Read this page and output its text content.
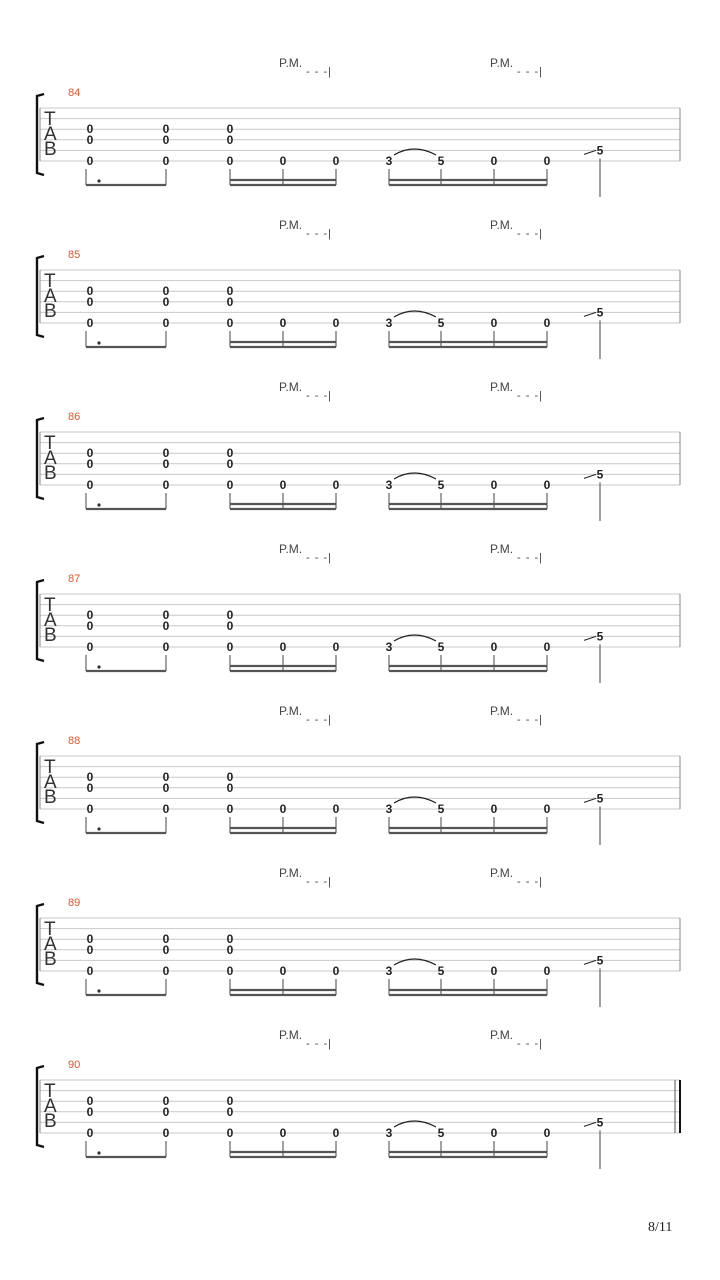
P.M.
- - -|
P.M.
- - -|
84
T
A
B
0
0
0
0
0
0
0	0	0	0	0	3	5	0	0
5
P.M.
- - -|
P.M.
- - -|
85
T
A
B
0
0
0
0
0
0
0	0	0	0	0	3	5	0	0
5
P.M.
- - -|
P.M.
- - -|
86
T
A
B
0
0
0
0
0
0
0	0	0	0	0	3	5	0	0
5
P.M.
- - -|
P.M.
- - -|
87
T
A
B
0
0
0
0
0
0
0	0	0	0	0	3	5	0	0
5
P.M.
- - -|
P.M.
- - -|
88
T
A
B
0
0
0
0
0
0
0	0	0	0	0	3	5	0	0
5
P.M.
- - -|
P.M.
- - -|
89
T
A
B
0
0
0
0
0
0
0	0	0	0	0	3	5	0	0
5
P.M.
- - -|
P.M.
- - -|
90
T
A
B
0
0
0
0
0
0
0	0	0	0	0	3	5	0	0
5
8/11
